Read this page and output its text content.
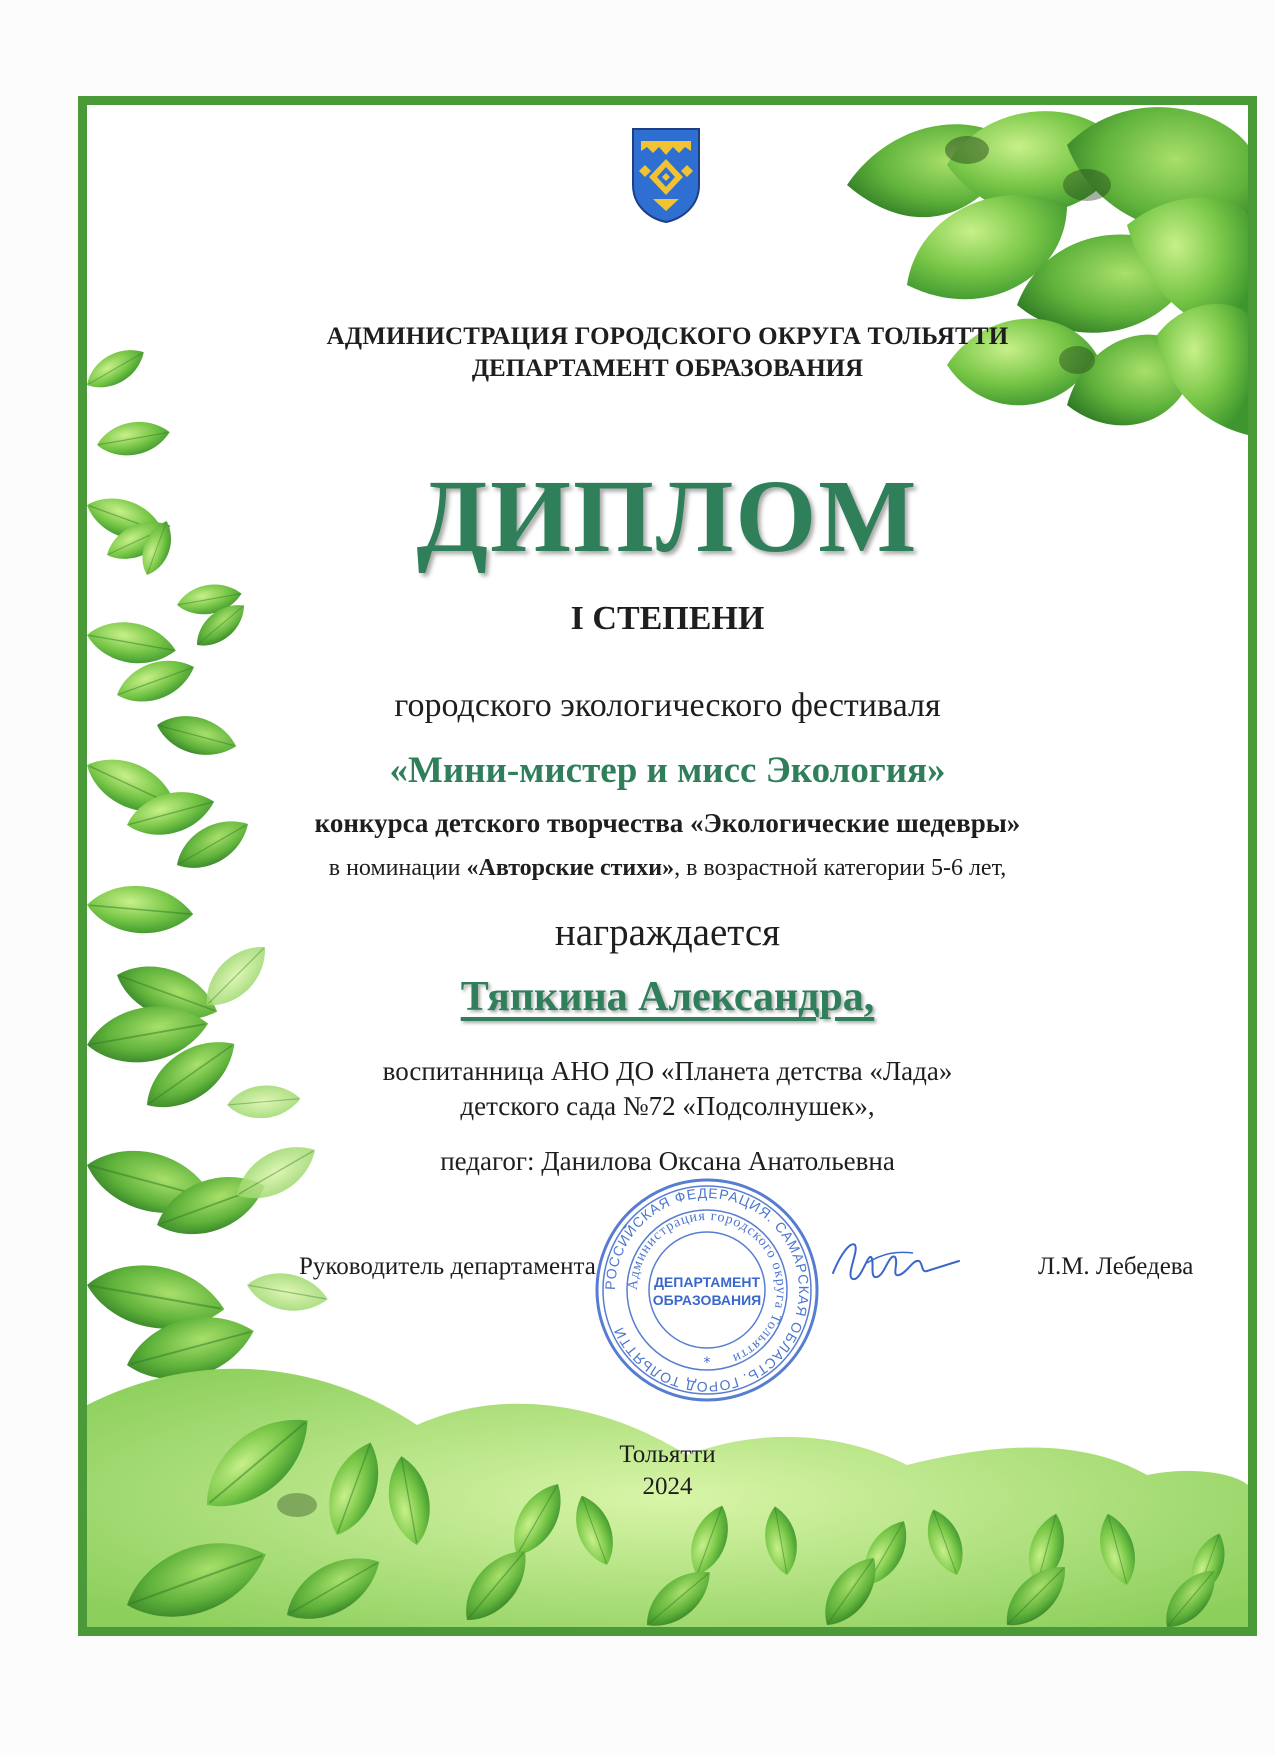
АДМИНИСТРАЦИЯ ГОРОДСКОГО ОКРУГА ТОЛЬЯТТИ
ДЕПАРТАМЕНТ ОБРАЗОВАНИЯ
ДИПЛОМ
I СТЕПЕНИ
городского экологического фестиваля
«Мини-мистер и мисс Экология»
конкурса детского творчества «Экологические шедевры»
в номинации «Авторские стихи», в возрастной категории 5-6 лет,
награждается
Тяпкина Александра,
воспитанница АНО ДО «Планета детства «Лада»
детского сада №72 «Подсолнушек»,
педагог: Данилова Оксана Анатольевна
Руководитель департамента	Л.М. Лебедева
РОССИЙСКАЯ ФЕДЕРАЦИЯ. САМАРСКАЯ ОБЛАСТЬ. ГОРОД ТОЛЬЯТТИ
Администрация городского округа Тольятти
ДЕПАРТАМЕНТ
ОБРАЗОВАНИЯ
*
Тольятти
2024
